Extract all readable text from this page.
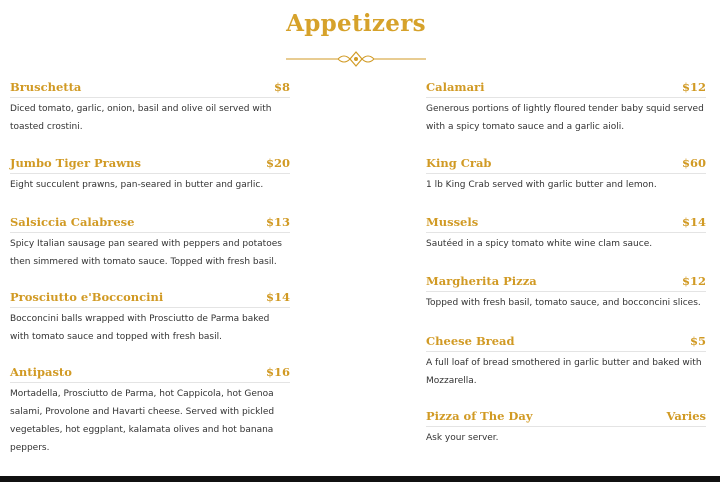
Appetizers
Bruschetta	$8
Diced tomato, garlic, onion, basil and olive oil served with toasted crostini.
Jumbo Tiger Prawns	$20
Eight succulent prawns, pan-seared in butter and garlic.
Salsiccia Calabrese	$13
Spicy Italian sausage pan seared with peppers and potatoes then simmered with tomato sauce. Topped with fresh basil.
Prosciutto e'Bocconcini	$14
Bocconcini balls wrapped with Prosciutto de Parma baked with tomato sauce and topped with fresh basil.
Antipasto	$16
Mortadella, Prosciutto de Parma, hot Cappicola, hot Genoa salami, Provolone and Havarti cheese. Served with pickled vegetables, hot eggplant, kalamata olives and hot banana peppers.
Calamari	$12
Generous portions of lightly floured tender baby squid served with a spicy tomato sauce and a garlic aioli.
King Crab	$60
1 lb King Crab served with garlic butter and lemon.
Mussels	$14
Sautéed in a spicy tomato white wine clam sauce.
Margherita Pizza	$12
Topped with fresh basil, tomato sauce, and bocconcini slices.
Cheese Bread	$5
A full loaf of bread smothered in garlic butter and baked with Mozzarella.
Pizza of The Day	Varies
Ask your server.
